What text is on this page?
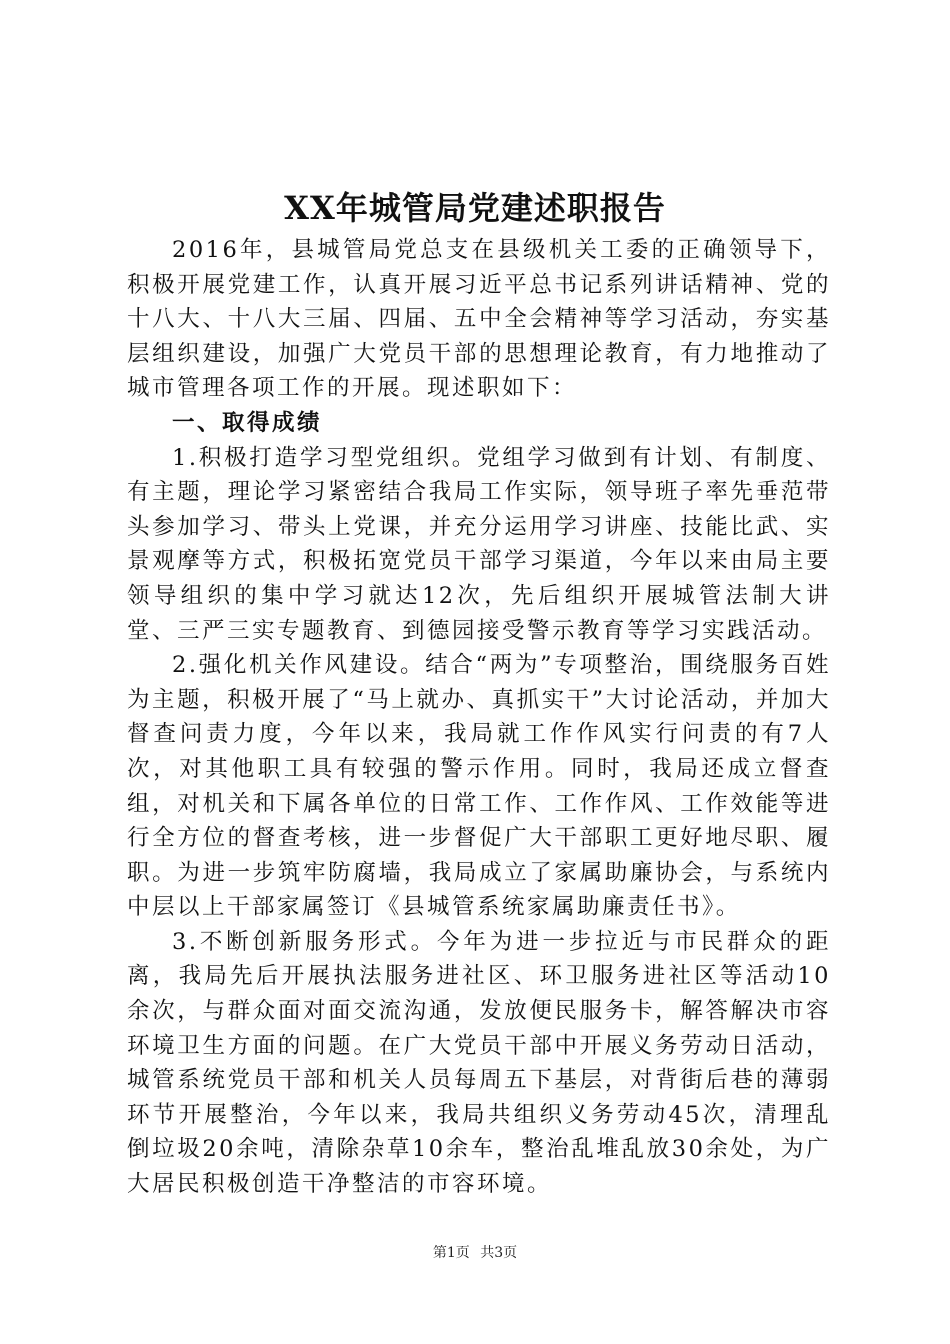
XX年城管局党建述职报告

2016年，县城管局党总支在县级机关工委的正确领导下，积极开展党建工作，认真开展习近平总书记系列讲话精神、党的十八大、十八大三届、四届、五中全会精神等学习活动，夯实基层组织建设，加强广大党员干部的思想理论教育，有力地推动了城市管理各项工作的开展。现述职如下：

一、取得成绩

1.积极打造学习型党组织。党组学习做到有计划、有制度、有主题，理论学习紧密结合我局工作实际，领导班子率先垂范带头参加学习、带头上党课，并充分运用学习讲座、技能比武、实景观摩等方式，积极拓宽党员干部学习渠道，今年以来由局主要领导组织的集中学习就达12次，先后组织开展城管法制大讲堂、三严三实专题教育、到德园接受警示教育等学习实践活动。

2.强化机关作风建设。结合“两为”专项整治，围绕服务百姓为主题，积极开展了“马上就办、真抓实干”大讨论活动，并加大督查问责力度，今年以来，我局就工作作风实行问责的有7人次，对其他职工具有较强的警示作用。同时，我局还成立督查组，对机关和下属各单位的日常工作、工作作风、工作效能等进行全方位的督查考核，进一步督促广大干部职工更好地尽职、履职。为进一步筑牢防腐墙，我局成立了家属助廉协会，与系统内中层以上干部家属签订《县城管系统家属助廉责任书》。

3.不断创新服务形式。今年为进一步拉近与市民群众的距离，我局先后开展执法服务进社区、环卫服务进社区等活动10余次，与群众面对面交流沟通，发放便民服务卡，解答解决市容环境卫生方面的问题。在广大党员干部中开展义务劳动日活动，城管系统党员干部和机关人员每周五下基层，对背街后巷的薄弱环节开展整治，今年以来，我局共组织义务劳动45次，清理乱倒垃圾20余吨，清除杂草10余车，整治乱堆乱放30余处，为广大居民积极创造干净整洁的市容环境。

第1页 共3页
